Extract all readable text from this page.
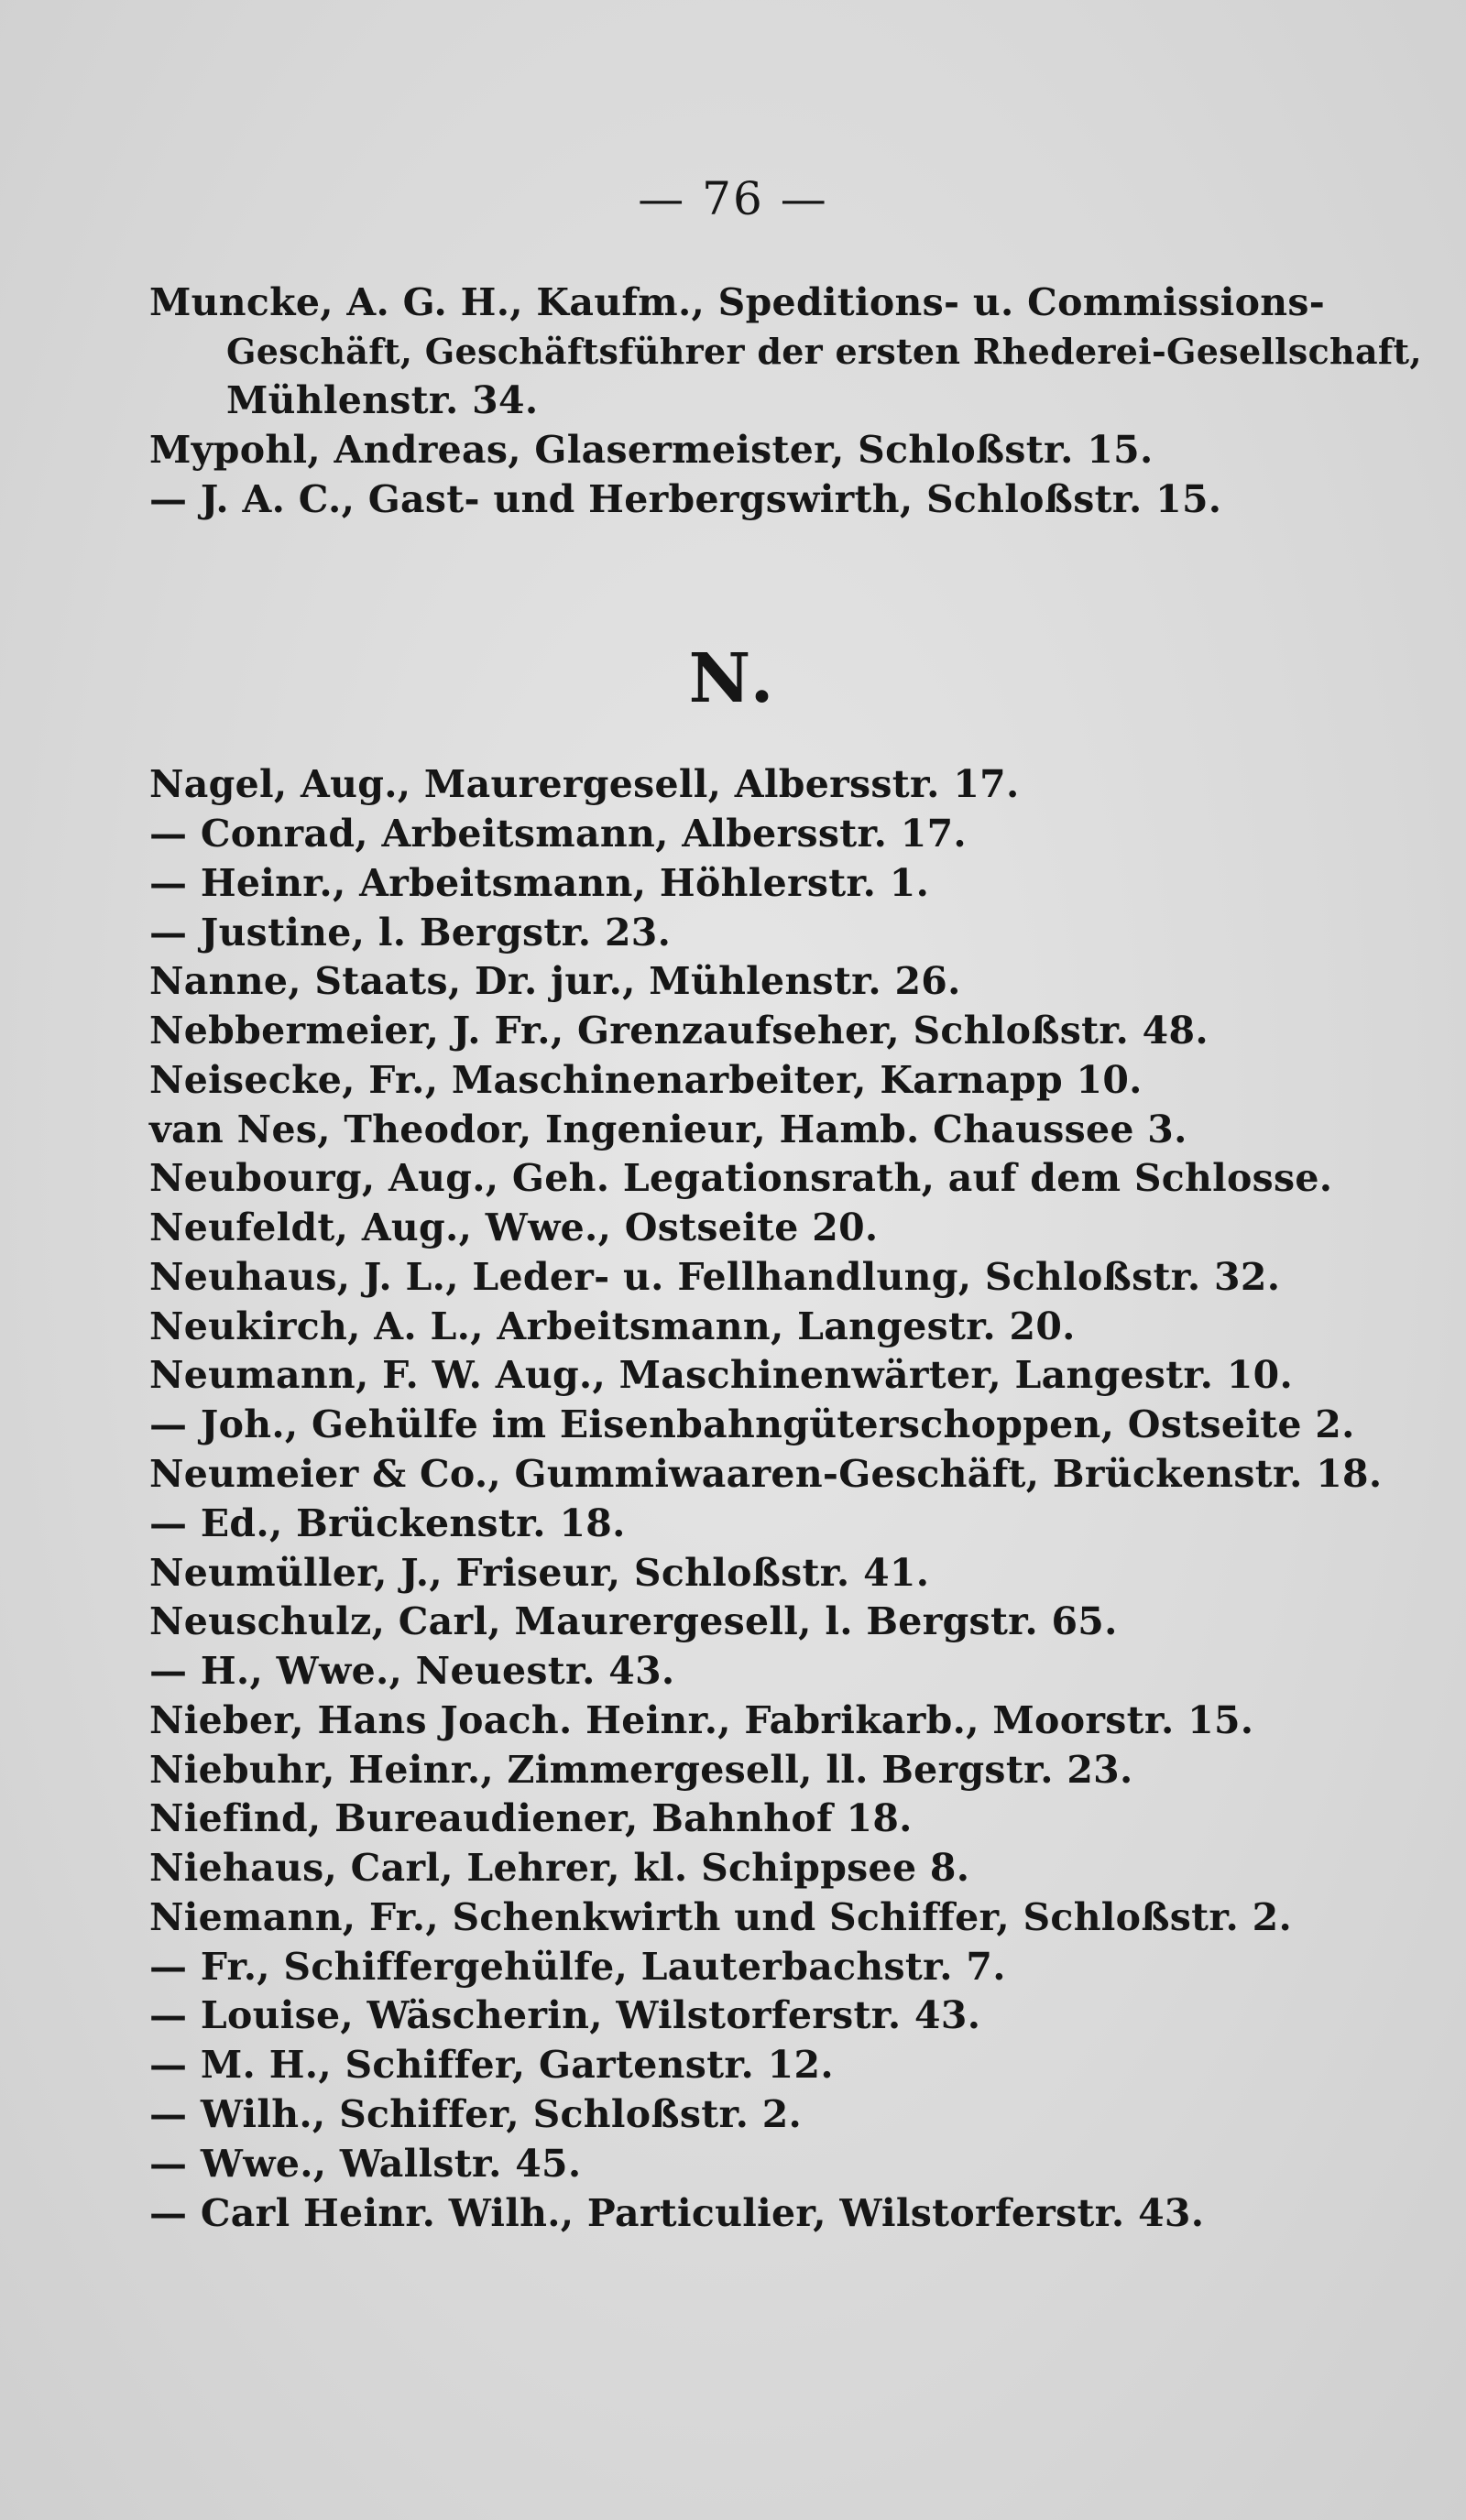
— 76 —
Muncke, A. G. H., Kaufm., Speditions- u. Commissions-
Geschäft, Geschäftsführer der ersten Rhederei-Gesellschaft,
Mühlenstr. 34.
Mypohl, Andreas, Glasermeister, Schloßstr. 15.
— J. A. C., Gast- und Herbergswirth, Schloßstr. 15.
N.
Nagel, Aug., Maurergesell, Albersstr. 17.
— Conrad, Arbeitsmann, Albersstr. 17.
— Heinr., Arbeitsmann, Höhlerstr. 1.
— Justine, l. Bergstr. 23.
Nanne, Staats, Dr. jur., Mühlenstr. 26.
Nebbermeier, J. Fr., Grenzaufseher, Schloßstr. 48.
Neisecke, Fr., Maschinenarbeiter, Karnapp 10.
van Nes, Theodor, Ingenieur, Hamb. Chaussee 3.
Neubourg, Aug., Geh. Legationsrath, auf dem Schlosse.
Neufeldt, Aug., Wwe., Ostseite 20.
Neuhaus, J. L., Leder- u. Fellhandlung, Schloßstr. 32.
Neukirch, A. L., Arbeitsmann, Langestr. 20.
Neumann, F. W. Aug., Maschinenwärter, Langestr. 10.
— Joh., Gehülfe im Eisenbahngüterschoppen, Ostseite 2.
Neumeier & Co., Gummiwaaren-Geschäft, Brückenstr. 18.
— Ed., Brückenstr. 18.
Neumüller, J., Friseur, Schloßstr. 41.
Neuschulz, Carl, Maurergesell, l. Bergstr. 65.
— H., Wwe., Neuestr. 43.
Nieber, Hans Joach. Heinr., Fabrikarb., Moorstr. 15.
Niebuhr, Heinr., Zimmergesell, ll. Bergstr. 23.
Niefind, Bureaudiener, Bahnhof 18.
Niehaus, Carl, Lehrer, kl. Schippsee 8.
Niemann, Fr., Schenkwirth und Schiffer, Schloßstr. 2.
— Fr., Schiffergehülfe, Lauterbachstr. 7.
— Louise, Wäscherin, Wilstorferstr. 43.
— M. H., Schiffer, Gartenstr. 12.
— Wilh., Schiffer, Schloßstr. 2.
— Wwe., Wallstr. 45.
— Carl Heinr. Wilh., Particulier, Wilstorferstr. 43.
